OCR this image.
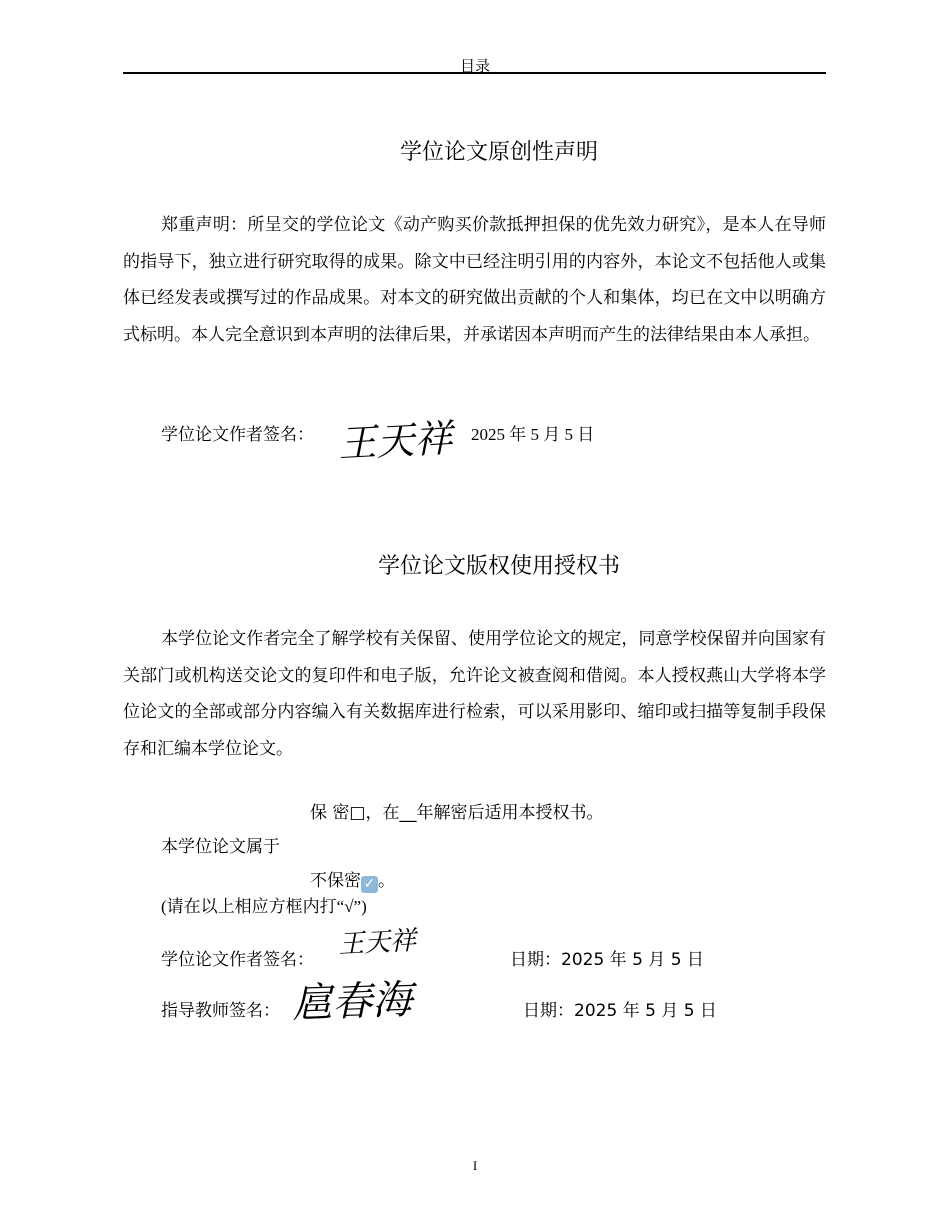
目录
学位论文原创性声明

郑重声明：所呈交的学位论文《动产购买价款抵押担保的优先效力研究》，是本人在导师的指导下，独立进行研究取得的成果。除文中已经注明引用的内容外，本论文不包括他人或集体已经发表或撰写过的作品成果。对本文的研究做出贡献的个人和集体，均已在文中以明确方式标明。本人完全意识到本声明的法律后果，并承诺因本声明而产生的法律结果由本人承担。

学位论文作者签名： 王天祥 2025 年 5 月 5 日
学位论文版权使用授权书

本学位论文作者完全了解学校有关保留、使用学位论文的规定，同意学校保留并向国家有关部门或机构送交论文的复印件和电子版，允许论文被查阅和借阅。本人授权燕山大学将本学位论文的全部或部分内容编入有关数据库进行检索，可以采用影印、缩印或扫描等复制手段保存和汇编本学位论文。

保 密□，在__年解密后适用本授权书。
本学位论文属于
不保密 ✓ 。
(请在以上相应方框内打“√”)
学位论文作者签名： 王天祥	日期：2025 年 5 月 5 日
指导教师签名： 扈春海	日期：2025 年 5 月 5 日
I
